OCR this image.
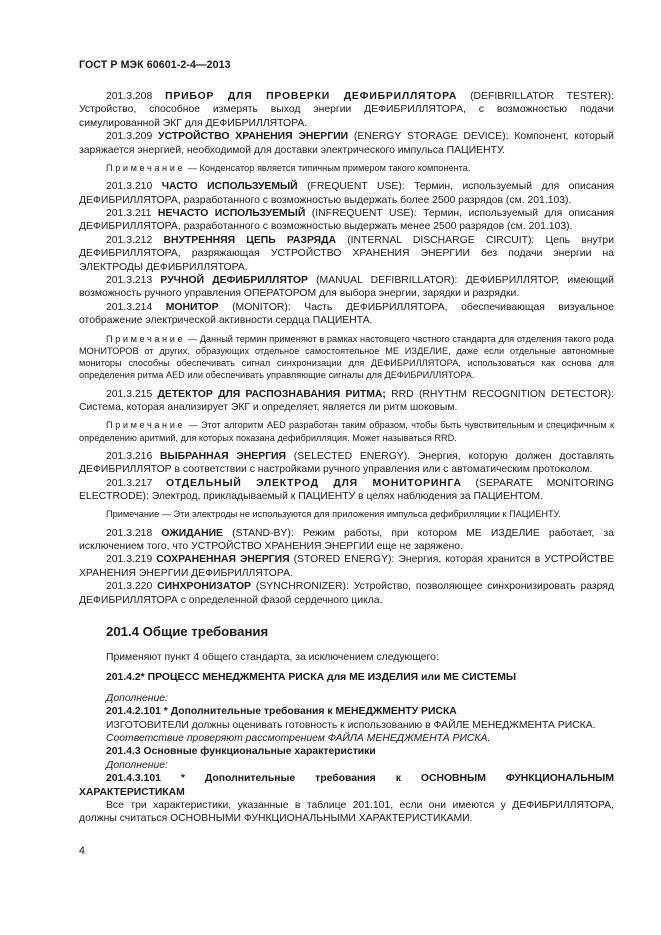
ГОСТ Р МЭК 60601-2-4—2013

201.3.208 ПРИБОР ДЛЯ ПРОВЕРКИ ДЕФИБРИЛЛЯТОРА (DEFIBRILLATOR TESTER): Устройство, способное измерять выход энергии ДЕФИБРИЛЛЯТОРА, с возможностью подачи симулированной ЭКГ для ДЕФИБРИЛЛЯТОРА.

201.3.209 УСТРОЙСТВО ХРАНЕНИЯ ЭНЕРГИИ (ENERGY STORAGE DEVICE): Компонент, который заряжается энергией, необходимой для доставки электрического импульса ПАЦИЕНТУ.

Примечание — Конденсатор является типичным примером такого компонента.

201.3.210 ЧАСТО ИСПОЛЬЗУЕМЫЙ (FREQUENT USE): Термин, используемый для описания ДЕФИБРИЛЛЯТОРА, разработанного с возможностью выдержать более 2500 разрядов (см. 201.103).

201.3.211 НЕЧАСТО ИСПОЛЬЗУЕМЫЙ (INFREQUENT USE): Термин, используемый для описания ДЕФИБРИЛЛЯТОРА, разработанного с возможностью выдержать менее 2500 разрядов (см. 201.103).

201.3.212 ВНУТРЕННЯЯ ЦЕПЬ РАЗРЯДА (INTERNAL DISCHARGE CIRCUIT): Цепь внутри ДЕФИБРИЛЛЯТОРА, разряжающая УСТРОЙСТВО ХРАНЕНИЯ ЭНЕРГИИ без подачи энергии на ЭЛЕКТРОДЫ ДЕФИБРИЛЛЯТОРА.

201.3.213 РУЧНОЙ ДЕФИБРИЛЛЯТОР (MANUAL DEFIBRILLATOR): ДЕФИБРИЛЛЯТОР, имеющий возможность ручного управления ОПЕРАТОРОМ для выбора энергии, зарядки и разрядки.

201.3.214 МОНИТОР (MONITOR): Часть ДЕФИБРИЛЛЯТОРА, обеспечивающая визуальное отображение электрической активности сердца ПАЦИЕНТА.

Примечание — Данный термин применяют в рамках настоящего частного стандарта для отделения такого рода МОНИТОРОВ от других, образующих отдельное самостоятельное ME ИЗДЕЛИЕ, даже если отдельные автономные мониторы способны обеспечивать сигнал синхронизации для ДЕФИБРИЛЛЯТОРА, использоваться как основа для определения ритма AED или обеспечивать управляющие сигналы для ДЕФИБРИЛЛЯТОРА.

201.3.215 ДЕТЕКТОР ДЛЯ РАСПОЗНАВАНИЯ РИТМА; RRD (RHYTHM RECOGNITION DETECTOR): Система, которая анализирует ЭКГ и определяет, является ли ритм шоковым.

Примечание — Этот алгоритм AED разработан таким образом, чтобы быть чувствительным и специфичным к определению аритмий, для которых показана дефибрилляция. Может называться RRD.

201.3.216 ВЫБРАННАЯ ЭНЕРГИЯ (SELECTED ENERGY). Энергия, которую должен доставлять ДЕФИБРИЛЛЯТОР в соответствии с настройками ручного управления или с автоматическим протоколом.

201.3.217 ОТДЕЛЬНЫЙ ЭЛЕКТРОД ДЛЯ МОНИТОРИНГА (SEPARATE MONITORING ELECTRODE): Электрод, прикладываемый к ПАЦИЕНТУ в целях наблюдения за ПАЦИЕНТОМ.

Примечание — Эти электроды не используются для приложения импульса дефибрилляции к ПАЦИЕНТУ.

201.3.218 ОЖИДАНИЕ (STAND-BY): Режим работы, при котором ME ИЗДЕЛИЕ работает, за исключением того, что УСТРОЙСТВО ХРАНЕНИЯ ЭНЕРГИИ еще не заряжено.

201.3.219 СОХРАНЕННАЯ ЭНЕРГИЯ (STORED ENERGY): Энергия, которая хранится в УСТРОЙСТВЕ ХРАНЕНИЯ ЭНЕРГИИ ДЕФИБРИЛЛЯТОРА.

201.3.220 СИНХРОНИЗАТОР (SYNCHRONIZER): Устройство, позволяющее синхронизировать разряд ДЕФИБРИЛЛЯТОРА с определенной фазой сердечного цикла.

201.4 Общие требования

Применяют пункт 4 общего стандарта, за исключением следующего:

201.4.2* ПРОЦЕСС МЕНЕДЖМЕНТА РИСКА для МЕ ИЗДЕЛИЯ или МЕ СИСТЕМЫ

Дополнение:

201.4.2.101 * Дополнительные требования к МЕНЕДЖМЕНТУ РИСКА

ИЗГОТОВИТЕЛИ должны оценивать готовность к использованию в ФАЙЛЕ МЕНЕДЖМЕНТА РИСКА.

Соответствие проверяют рассмотрением ФАЙЛА МЕНЕДЖМЕНТА РИСКА.

201.4.3 Основные функциональные характеристики

Дополнение:

201.4.3.101 * Дополнительные требования к ОСНОВНЫМ ФУНКЦИОНАЛЬНЫМ ХАРАКТЕРИСТИКАМ

Все три характеристики, указанные в таблице 201.101, если они имеются у ДЕФИБРИЛЛЯТОРА, должны считаться ОСНОВНЫМИ ФУНКЦИОНАЛЬНЫМИ ХАРАКТЕРИСТИКАМИ.

4
